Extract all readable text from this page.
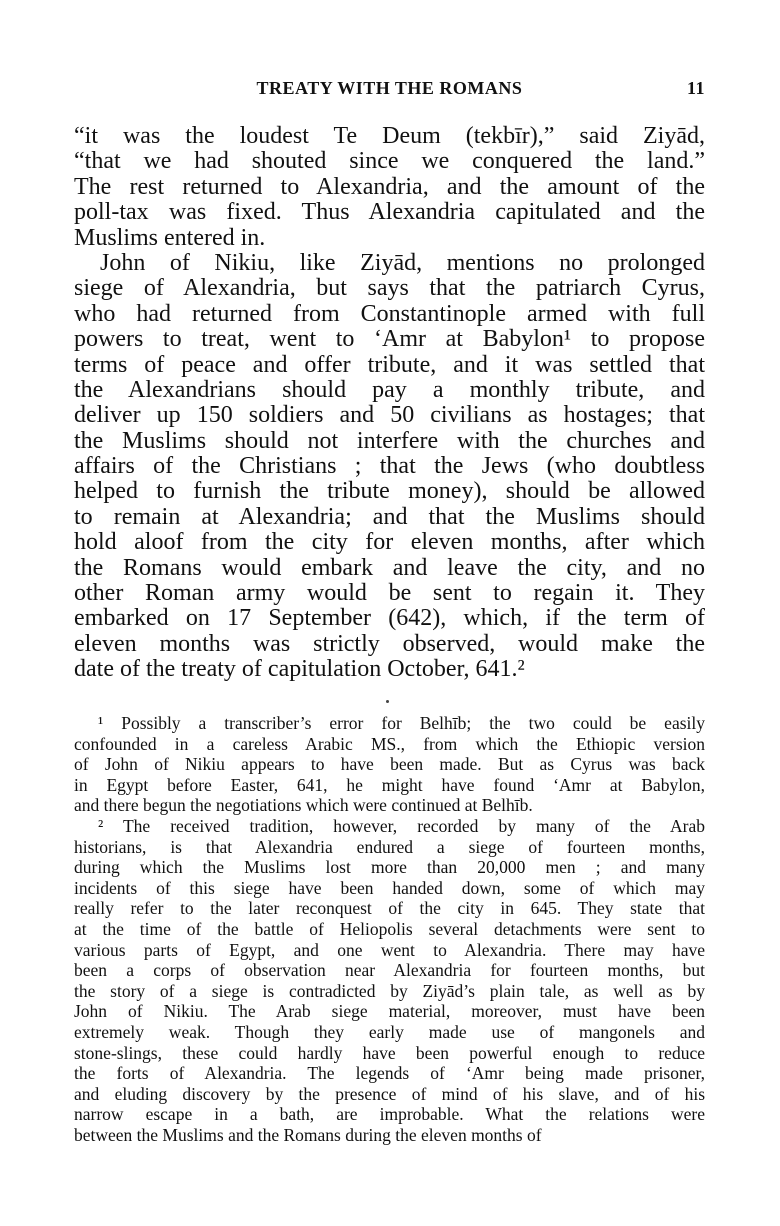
TREATY WITH THE ROMANS	11
“it was the loudest Te Deum (tekbīr),” said Ziyād,
“that we had shouted since we conquered the land.”
The rest returned to Alexandria, and the amount of the
poll-tax was fixed. Thus Alexandria capitulated and the
Muslims entered in.
John of Nikiu, like Ziyād, mentions no prolonged
siege of Alexandria, but says that the patriarch Cyrus,
who had returned from Constantinople armed with full
powers to treat, went to ‘Amr at Babylon¹ to propose
terms of peace and offer tribute, and it was settled that
the Alexandrians should pay a monthly tribute, and
deliver up 150 soldiers and 50 civilians as hostages; that
the Muslims should not interfere with the churches and
affairs of the Christians ; that the Jews (who doubtless
helped to furnish the tribute money), should be allowed
to remain at Alexandria; and that the Muslims should
hold aloof from the city for eleven months, after which
the Romans would embark and leave the city, and no
other Roman army would be sent to regain it. They
embarked on 17 September (642), which, if the term of
eleven months was strictly observed, would make the
date of the treaty of capitulation October, 641.²
¹ Possibly a transcriber’s error for Belhīb; the two could be easily
confounded in a careless Arabic MS., from which the Ethiopic version
of John of Nikiu appears to have been made. But as Cyrus was back
in Egypt before Easter, 641, he might have found ‘Amr at Babylon,
and there begun the negotiations which were continued at Belhīb.
² The received tradition, however, recorded by many of the Arab
historians, is that Alexandria endured a siege of fourteen months,
during which the Muslims lost more than 20,000 men ; and many
incidents of this siege have been handed down, some of which may
really refer to the later reconquest of the city in 645. They state that
at the time of the battle of Heliopolis several detachments were sent to
various parts of Egypt, and one went to Alexandria. There may have
been a corps of observation near Alexandria for fourteen months, but
the story of a siege is contradicted by Ziyād’s plain tale, as well as by
John of Nikiu. The Arab siege material, moreover, must have been
extremely weak. Though they early made use of mangonels and
stone-slings, these could hardly have been powerful enough to reduce
the forts of Alexandria. The legends of ‘Amr being made prisoner,
and eluding discovery by the presence of mind of his slave, and of his
narrow escape in a bath, are improbable. What the relations were
between the Muslims and the Romans during the eleven months of
